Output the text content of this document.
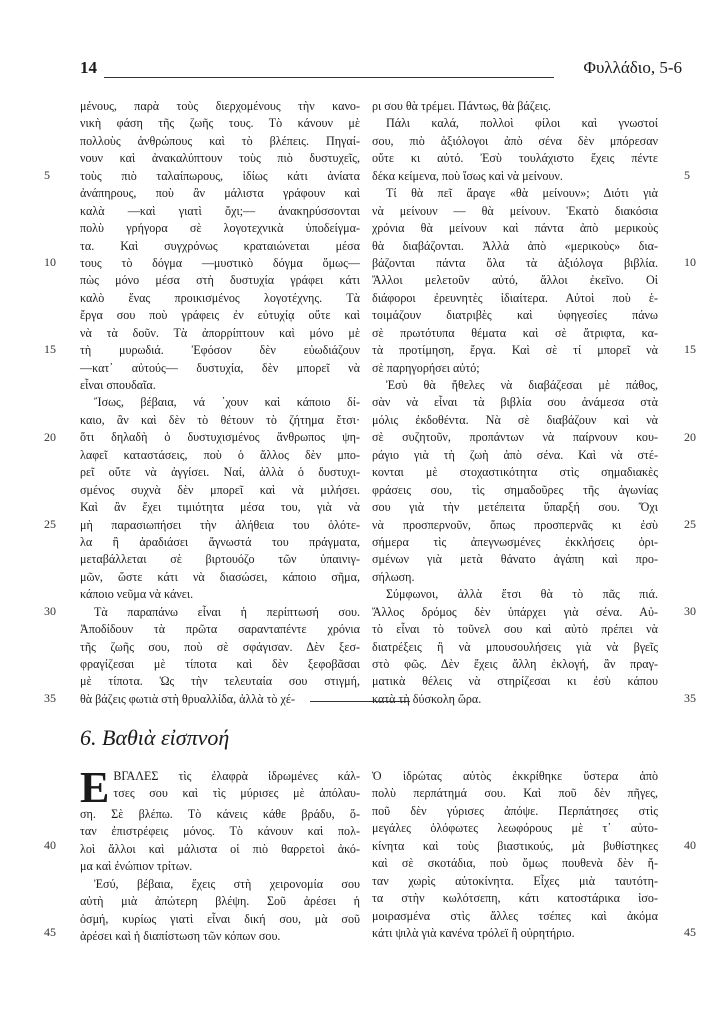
14	Φυλλάδιο, 5-6
μένους, παρὰ τοὺς διερχομένους τὴν κανο-
νικὴ φάση τῆς ζωῆς τους. Τὸ κάνουν μὲ
πολλοὺς ἀνθρώπους καὶ τὸ βλέπεις. Πηγαί-
νουν καὶ ἀνακαλύπτουν τοὺς πιὸ δυστυχεῖς,
τοὺς πιὸ ταλαίπωρους, ἰδίως κάτι ἀνίατα
ἀνάπηρους, ποὺ ἂν μάλιστα γράφουν καὶ
καλὰ —καὶ γιατὶ ὄχι;— ἀνακηρύσσονται
πολὺ γρήγορα σὲ λογοτεχνικὰ ὑποδείγμα-
τα. Καὶ συγχρόνως κραταιώνεται μέσα
τους τὸ δόγμα —μυστικὸ δόγμα ὅμως—
πὼς μόνο μέσα στὴ δυστυχία γράφει κάτι
καλὸ ἕνας προικισμένος λογοτέχνης. Τὰ
ἔργα σου ποὺ γράφεις ἐν εὐτυχίᾳ οὔτε καὶ
νὰ τὰ δοῦν. Τὰ ἀπορρίπτουν καὶ μόνο μὲ
τὴ μυρωδιά. Ἐφόσον δὲν εὐωδιάζουν
—κατ᾽ αὐτούς— δυστυχία, δὲν μπορεῖ νὰ
εἶναι σπουδαῖα.
Ἴσως, βέβαια, νά ᾽χουν καὶ κάποιο δί-
καιο, ἂν καὶ δὲν τὸ θέτουν τὸ ζήτημα ἔτσι·
ὅτι δηλαδὴ ὁ δυστυχισμένος ἄνθρωπος ψη-
λαφεῖ καταστάσεις, ποὺ ὁ ἄλλος δὲν μπο-
ρεῖ οὔτε νὰ ἀγγίσει. Ναί, ἀλλὰ ὁ δυστυχι-
σμένος συχνὰ δὲν μπορεῖ καὶ νὰ μιλήσει.
Καὶ ἂν ἔχει τιμιότητα μέσα του, γιὰ νὰ
μὴ παρασιωπήσει τὴν ἀλήθεια του ὁλότε-
λα ἢ ἀραδιάσει ἄγνωστά του πράγματα,
μεταβάλλεται σὲ βιρτουόζο τῶν ὑπαινιγ-
μῶν, ὥστε κάτι νὰ διασώσει, κάποιο σῆμα,
κάποιο νεῦμα νὰ κάνει.
Τὰ παραπάνω εἶναι ἡ περίπτωσή σου.
Ἀποδίδουν τὰ πρῶτα σαρανταπέντε χρόνια
τῆς ζωῆς σου, ποὺ σὲ σφάγισαν. Δὲν ξεσ-
φραγίζεσαι μὲ τίποτα καὶ δὲν ξεφοβᾶσαι
μὲ τίποτα. Ὡς τὴν τελευταία σου στιγμή,
θὰ βάζεις φωτιὰ στὴ θρυαλλίδα, ἀλλὰ τὸ χέ-
ρι σου θὰ τρέμει. Πάντως, θὰ βάζεις.
Πάλι καλά, πολλοὶ φίλοι καὶ γνωστοί
σου, πιὸ ἀξιόλογοι ἀπὸ σένα δὲν μπόρεσαν
οὔτε κι αὐτό. Ἐσὺ τουλάχιστο ἔχεις πέντε
δέκα κείμενα, ποὺ ἴσως καὶ νὰ μείνουν.
Τί θὰ πεῖ ἄραγε «θὰ μείνουν»; Διότι γιὰ
νὰ μείνουν — θὰ μείνουν. Ἑκατὸ διακόσια
χρόνια θὰ μείνουν καὶ πάντα ἀπὸ μερικοὺς
θὰ διαβάζονται. Ἀλλὰ ἀπὸ «μερικοὺς» δια-
βάζονται πάντα ὅλα τὰ ἀξιόλογα βιβλία.
Ἄλλοι μελετοῦν αὐτό, ἄλλοι ἐκεῖνο. Οἱ
διάφοροι ἐρευνητὲς ἰδιαίτερα. Αὐτοὶ ποὺ ἑ-
τοιμάζουν διατριβὲς καὶ ὑφηγεσίες πάνω
σὲ πρωτότυπα θέματα καὶ σὲ ἄτριφτα, κα-
τὰ προτίμηση, ἔργα. Καὶ σὲ τί μπορεῖ νὰ
σὲ παρηγορήσει αὐτό;
Ἐσὺ θὰ ἤθελες νὰ διαβάζεσαι μὲ πάθος,
σὰν νὰ εἶναι τὰ βιβλία σου ἀνάμεσα στὰ
μόλις ἐκδοθέντα. Νὰ σὲ διαβάζουν καὶ νὰ
σὲ συζητοῦν, προπάντων νὰ παίρνουν κου-
ράγιο γιὰ τὴ ζωὴ ἀπὸ σένα. Καὶ νὰ στέ-
κονται μὲ στοχαστικότητα στὶς σημαδιακὲς
φράσεις σου, τὶς σημαδοῦρες τῆς ἀγωνίας
σου γιὰ τὴν μετέπειτα ὕπαρξή σου. Ὄχι
νὰ προσπερνοῦν, ὅπως προσπερνᾶς κι ἐσὺ
σήμερα τὶς ἀπεγνωσμένες ἐκκλήσεις ὁρι-
σμένων γιὰ μετὰ θάνατο ἀγάπη καὶ προ-
σήλωση.
Σύμφωνοι, ἀλλὰ ἔτσι θὰ τὸ πᾶς πιά.
Ἄλλος δρόμος δὲν ὑπάρχει γιὰ σένα. Αὐ-
τὸ εἶναι τὸ τοῦνελ σου καὶ αὐτὸ πρέπει νὰ
διατρέξεις ἢ νὰ μπουσουλήσεις γιὰ νὰ βγεῖς
στὸ φῶς. Δὲν ἔχεις ἄλλη ἐκλογή, ἂν πραγ-
ματικὰ θέλεις νὰ στηρίζεσαι κι ἐσὺ κάπου
κατὰ τὴ δύσκολη ὥρα.
5
10
15
20
25
30
35
5
10
15
20
25
30
35
6. Βαθιὰ εἰσπνοή
Ε ΒΓΑΛΕΣ τὶς ἐλαφρὰ ἱδρωμένες κάλ-
τσες σου καὶ τὶς μύρισες μὲ ἀπόλαυ-
ση. Σὲ βλέπω. Τὸ κάνεις κάθε βράδυ, ὅ-
ταν ἐπιστρέφεις μόνος. Τὸ κάνουν καὶ πολ-
λοὶ ἄλλοι καὶ μάλιστα οἱ πιὸ θαρρετοὶ ἀκό-
μα καὶ ἐνώπιον τρίτων.
Ἐσύ, βέβαια, ἔχεις στὴ χειρονομία σου
αὐτὴ μιὰ ἀπώτερη βλέψη. Σοῦ ἀρέσει ἡ
ὀσμή, κυρίως γιατὶ εἶναι δική σου, μὰ σοῦ
ἀρέσει καὶ ἡ διαπίστωση τῶν κόπων σου.
Ὁ ἱδρώτας αὐτὸς ἐκκρίθηκε ὕστερα ἀπὸ
πολὺ περπάτημά σου. Καὶ ποῦ δὲν πῆγες,
ποῦ δὲν γύρισες ἀπόψε. Περπάτησες στὶς
μεγάλες ὁλόφωτες λεωφόρους μὲ τ᾽ αὐτο-
κίνητα καὶ τοὺς βιαστικούς, μὰ βυθίστηκες
καὶ σὲ σκοτάδια, ποὺ ὅμως πουθενὰ δὲν ἤ-
ταν χωρὶς αὐτοκίνητα. Εἶχες μιὰ ταυτότη-
τα στὴν κωλότσεπη, κάτι κατοστάρικα ἰσο-
μοιρασμένα στὶς ἄλλες τσέπες καὶ ἀκόμα
κάτι ψιλὰ γιὰ κανένα τρόλεϊ ἢ οὐρητήριο.
40
45
40
45
